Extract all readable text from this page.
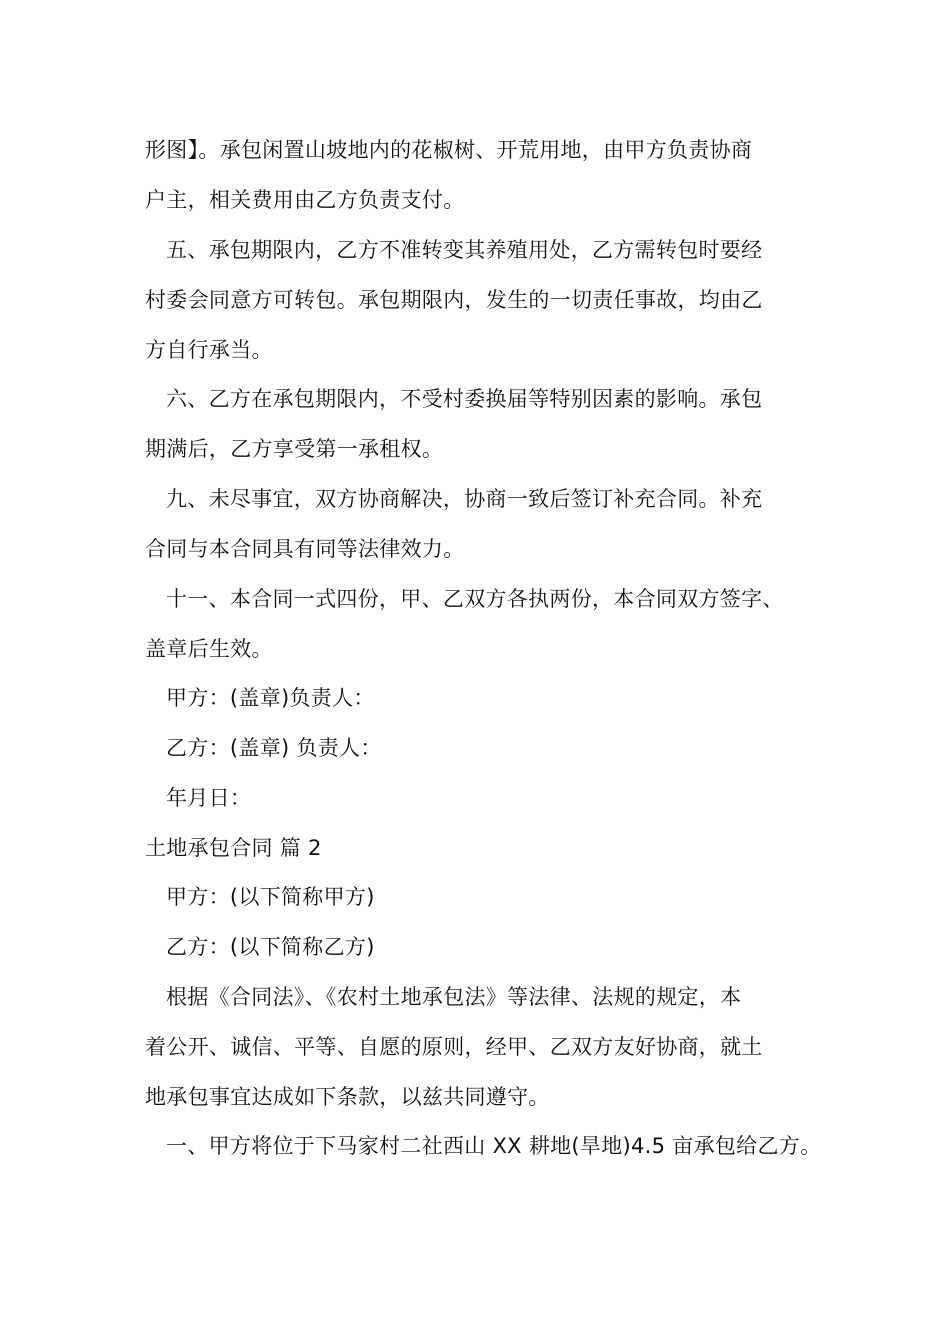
形图】。承包闲置山坡地内的花椒树、开荒用地，由甲方负责协商
户主，相关费用由乙方负责支付。
五、承包期限内，乙方不准转变其养殖用处，乙方需转包时要经
村委会同意方可转包。承包期限内，发生的一切责任事故，均由乙
方自行承当。
六、乙方在承包期限内，不受村委换届等特别因素的影响。承包
期满后，乙方享受第一承租权。
九、未尽事宜，双方协商解决，协商一致后签订补充合同。补充
合同与本合同具有同等法律效力。
十一、本合同一式四份，甲、乙双方各执两份，本合同双方签字、
盖章后生效。
甲方：(盖章)负责人：
乙方：(盖章) 负责人：
年月日：
土地承包合同 篇 2
甲方：(以下简称甲方)
乙方：(以下简称乙方)
根据《合同法》、《农村土地承包法》等法律、法规的规定，本
着公开、诚信、平等、自愿的原则，经甲、乙双方友好协商，就土
地承包事宜达成如下条款，以兹共同遵守。
一、甲方将位于下马家村二社西山 XX 耕地(旱地)4.5 亩承包给乙方。
